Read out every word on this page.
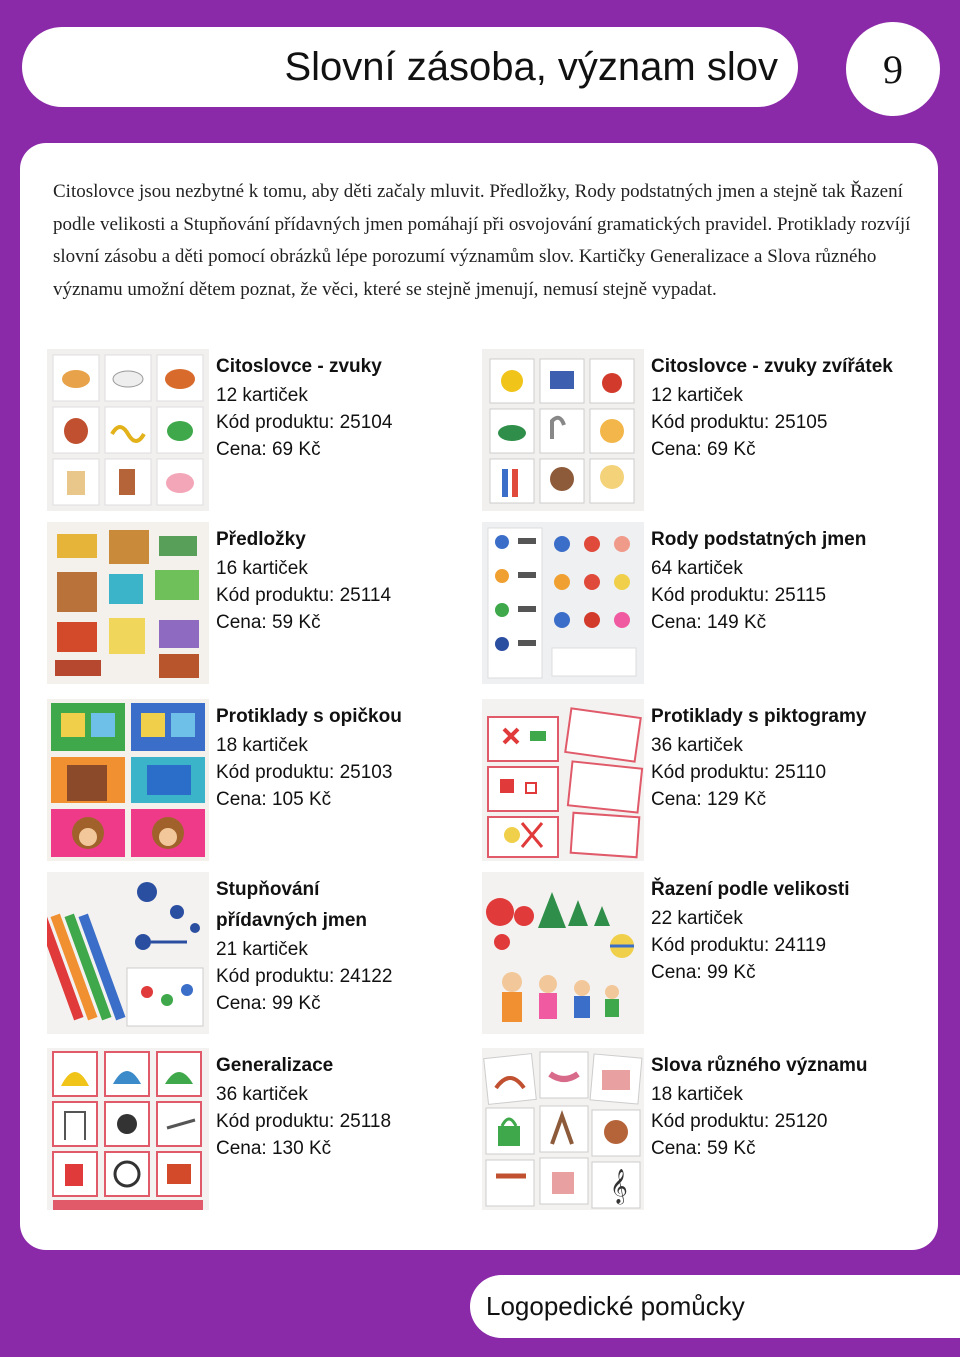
Slovní zásoba, význam slov	9

Citoslovce jsou nezbytné k tomu, aby děti začaly mluvit. Předložky, Rody podstatných jmen a stejně tak Řazení podle velikosti a Stupňování přídavných jmen pomáhají při osvojování gramatických pravidel. Protiklady rozvíjí slovní zásobu a děti pomocí obrázků lépe porozumí významům slov. Kartičky Generalizace a Slova různého významu umožní dětem poznat, že věci, které se stejně jmenují, nemusí stejně vypadat.

Citoslovce - zvuky
12 kartiček
Kód produktu: 25104
Cena: 69 Kč
Citoslovce - zvuky zvířátek
12 kartiček
Kód produktu: 25105
Cena: 69 Kč
Předložky
16 kartiček
Kód produktu: 25114
Cena: 59 Kč
Rody podstatných jmen
64 kartiček
Kód produktu: 25115
Cena: 149 Kč
Protiklady s opičkou
18 kartiček
Kód produktu: 25103
Cena: 105 Kč
Protiklady s piktogramy
36 kartiček
Kód produktu: 25110
Cena: 129 Kč
Stupňování
přídavných jmen
21 kartiček
Kód produktu: 24122
Cena: 99 Kč
Řazení podle velikosti
22 kartiček
Kód produktu: 24119
Cena: 99 Kč
Generalizace
36 kartiček
Kód produktu: 25118
Cena: 130 Kč
𝄞
Slova různého významu
18 kartiček
Kód produktu: 25120
Cena: 59 Kč
Logopedické pomůcky
